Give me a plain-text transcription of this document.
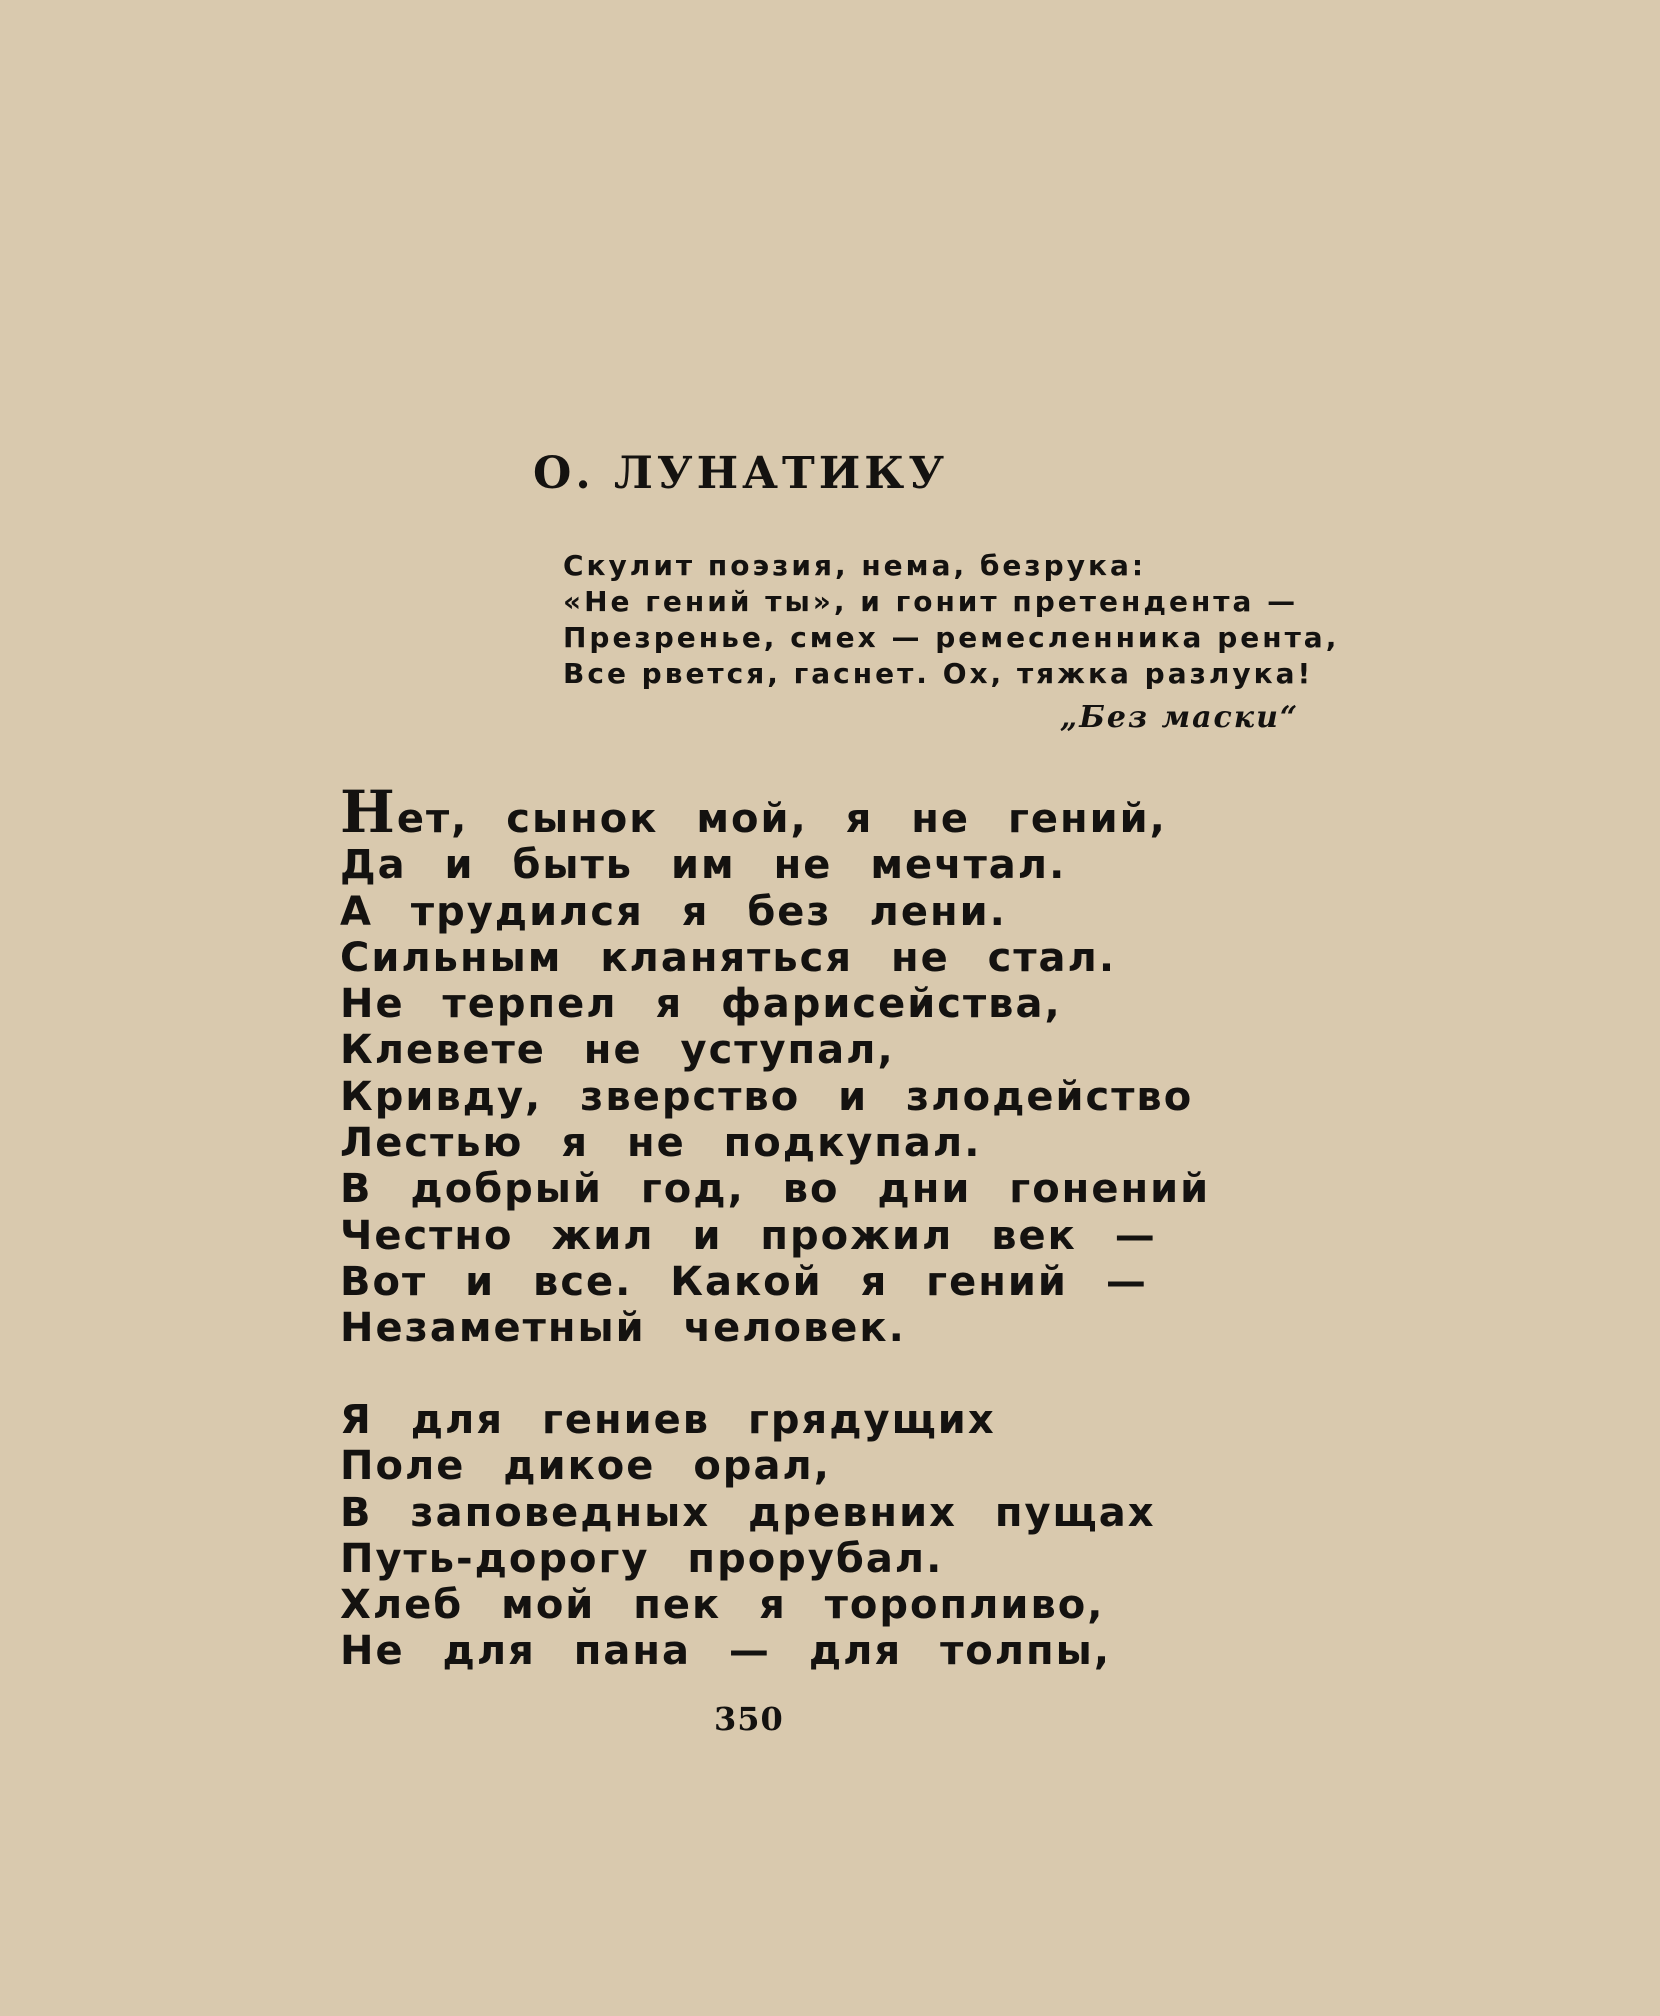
О. ЛУНАТИКУ
Скулит поэзия, нема, безрука:
«Не гений ты», и гонит претендента —
Презренье, смех — ремесленника рента,
Все рвется, гаснет. Ох, тяжка разлука!
„Без маски“
Нет, сынок мой, я не гений,
Да и быть им не мечтал.
А трудился я без лени.
Сильным кланяться не стал.
Не терпел я фарисейства,
Клевете не уступал,
Кривду, зверство и злодейство
Лестью я не подкупал.
В добрый год, во дни гонений
Честно жил и прожил век —
Вот и все. Какой я гений —
Незаметный человек.
Я для гениев грядущих
Поле дикое орал,
В заповедных древних пущах
Путь-дорогу прорубал.
Хлеб мой пек я торопливо,
Не для пана — для толпы,
350
